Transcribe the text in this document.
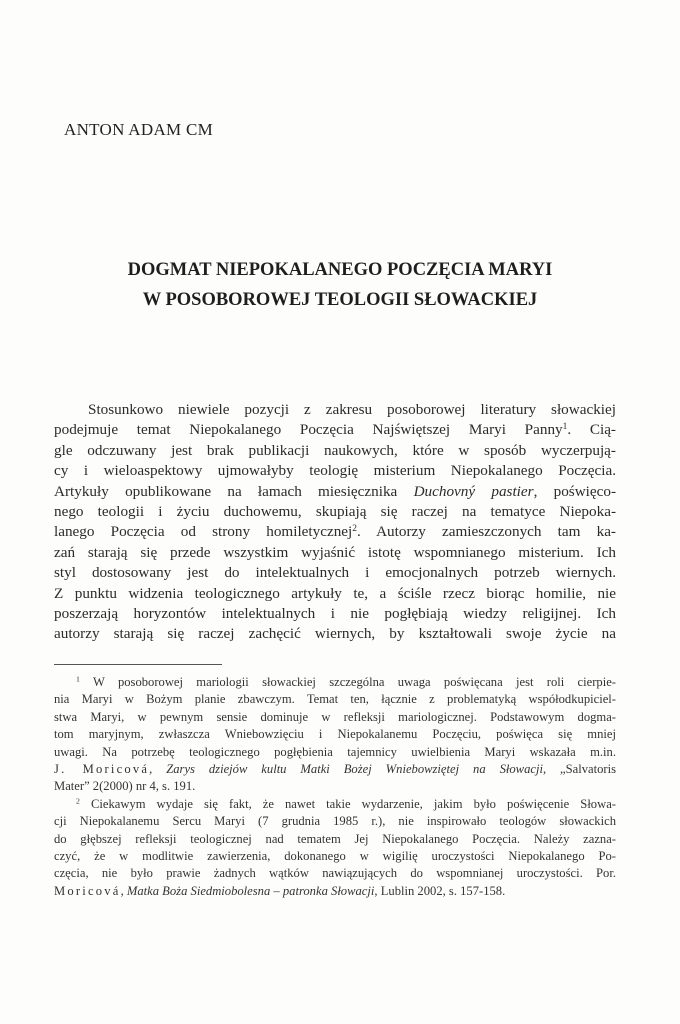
ANTON ADAM CM
DOGMAT NIEPOKALANEGO POCZĘCIA MARYI
W POSOBOROWEJ TEOLOGII SŁOWACKIEJ
Stosunkowo niewiele pozycji z zakresu posoborowej literatury słowackiej
podejmuje temat Niepokalanego Poczęcia Najświętszej Maryi Panny$^1$. Cią-
gle odczuwany jest brak publikacji naukowych, które w sposób wyczerpują-
cy i wieloaspektowy ujmowałyby teologię misterium Niepokalanego Poczęcia.
Artykuły opublikowane na łamach miesięcznika Duchovný pastier, poświęco-
nego teologii i życiu duchowemu, skupiają się raczej na tematyce Niepoka-
lanego Poczęcia od strony homiletycznej$^2$. Autorzy zamieszczonych tam ka-
zań starają się przede wszystkim wyjaśnić istotę wspomnianego misterium. Ich
styl dostosowany jest do intelektualnych i emocjonalnych potrzeb wiernych.
Z punktu widzenia teologicznego artykuły te, a ściśle rzecz biorąc homilie, nie
poszerzają horyzontów intelektualnych i nie pogłębiają wiedzy religijnej. Ich
autorzy starają się raczej zachęcić wiernych, by kształtowali swoje życie na
$^1$ W posoborowej mariologii słowackiej szczególna uwaga poświęcana jest roli cierpie-
nia Maryi w Bożym planie zbawczym. Temat ten, łącznie z problematyką współodkupiciel-
stwa Maryi, w pewnym sensie dominuje w refleksji mariologicznej. Podstawowym dogma-
tom maryjnym, zwłaszcza Wniebowzięciu i Niepokalanemu Poczęciu, poświęca się mniej
uwagi. Na potrzebę teologicznego pogłębienia tajemnicy uwielbienia Maryi wskazała m.in.
J. Moricová, Zarys dziejów kultu Matki Bożej Wniebowziętej na Słowacji, „Salvatoris
Mater” 2(2000) nr 4, s. 191.
$^2$ Ciekawym wydaje się fakt, że nawet takie wydarzenie, jakim było poświęcenie Słowa-
cji Niepokalanemu Sercu Maryi (7 grudnia 1985 r.), nie inspirowało teologów słowackich
do głębszej refleksji teologicznej nad tematem Jej Niepokalanego Poczęcia. Należy zazna-
czyć, że w modlitwie zawierzenia, dokonanego w wigilię uroczystości Niepokalanego Po-
częcia, nie było prawie żadnych wątków nawiązujących do wspomnianej uroczystości. Por.
Moricová, Matka Boża Siedmiobolesna – patronka Słowacji, Lublin 2002, s. 157-158.
